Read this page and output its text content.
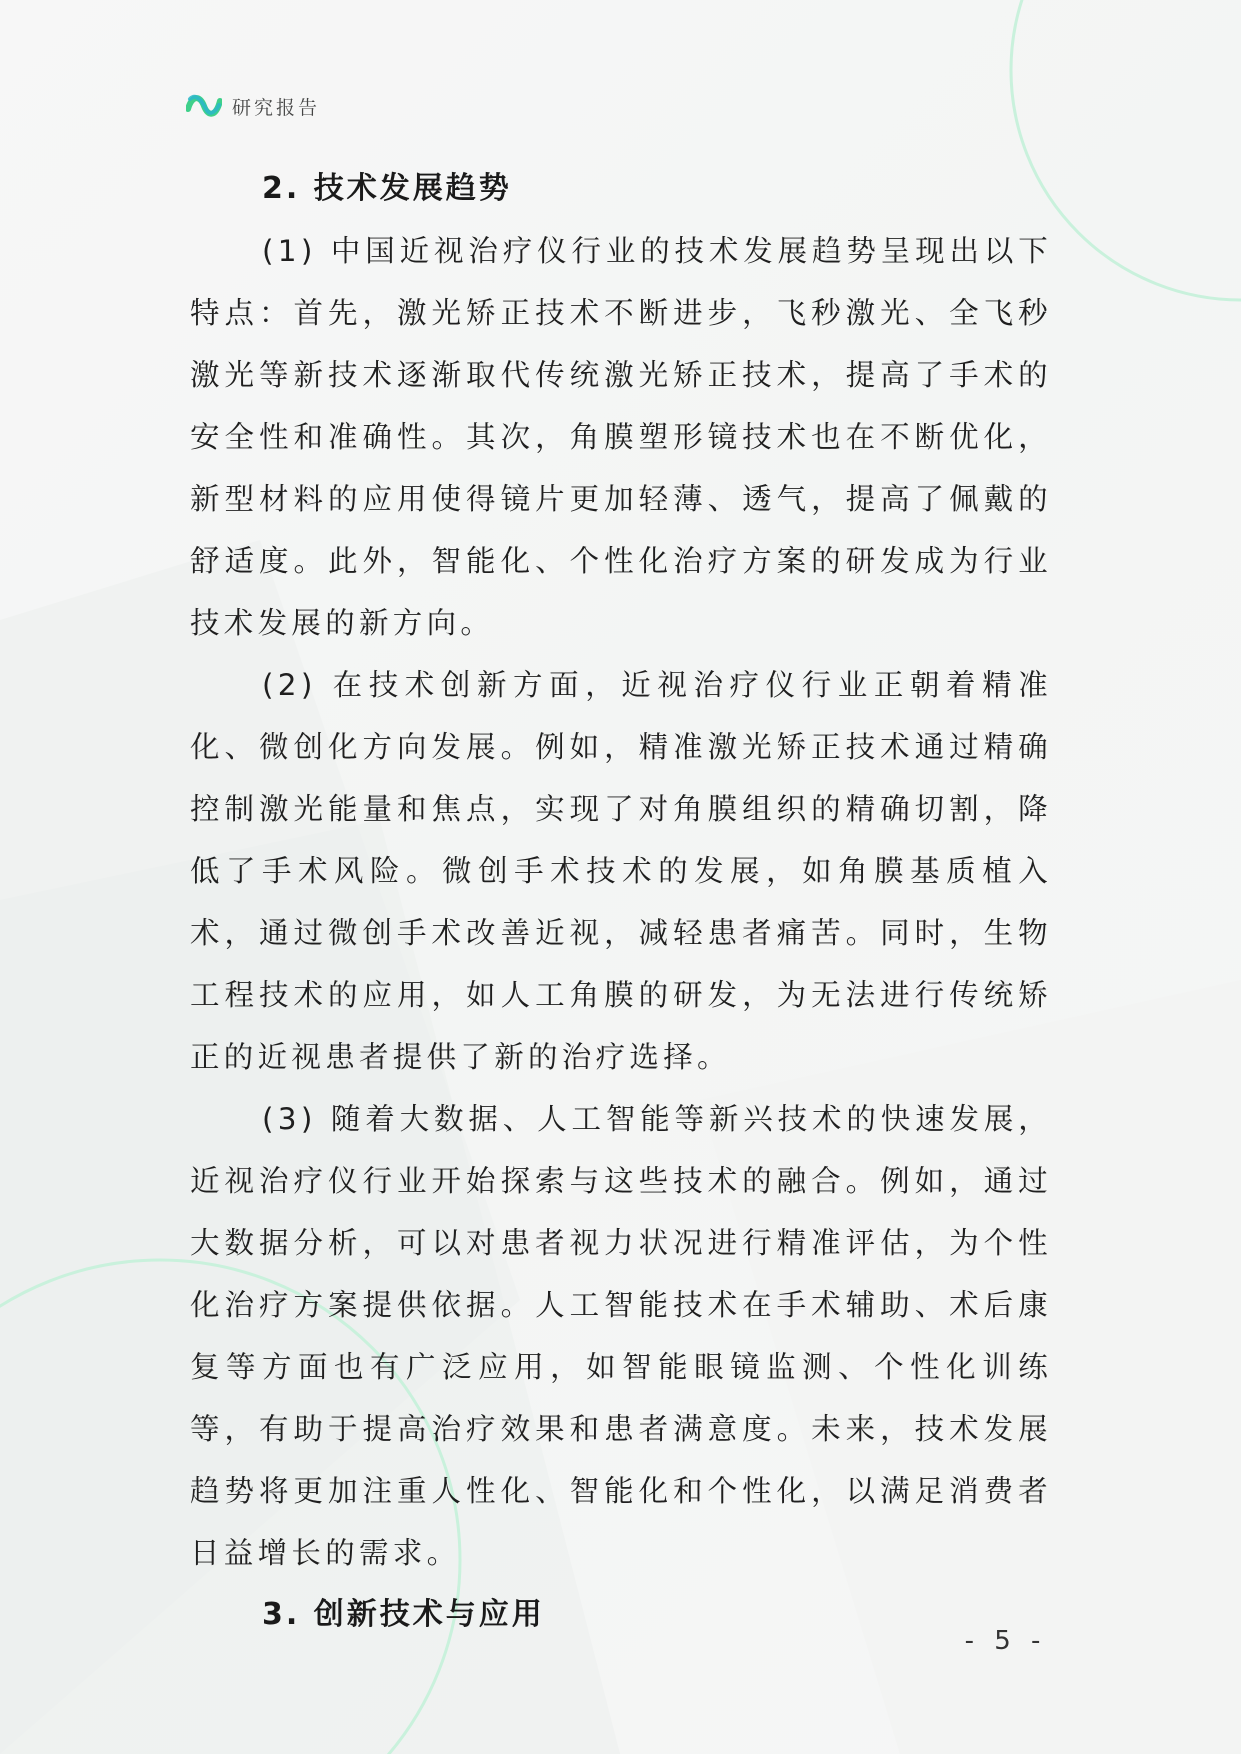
研究报告
2. 技术发展趋势

(1) 中国近视治疗仪行业的技术发展趋势呈现出以下特点：首先，激光矫正技术不断进步，飞秒激光、全飞秒激光等新技术逐渐取代传统激光矫正技术，提高了手术的安全性和准确性。其次，角膜塑形镜技术也在不断优化，新型材料的应用使得镜片更加轻薄、透气，提高了佩戴的舒适度。此外，智能化、个性化治疗方案的研发成为行业技术发展的新方向。

(2) 在技术创新方面，近视治疗仪行业正朝着精准化、微创化方向发展。例如，精准激光矫正技术通过精确控制激光能量和焦点，实现了对角膜组织的精确切割，降低了手术风险。微创手术技术的发展，如角膜基质植入术，通过微创手术改善近视，减轻患者痛苦。同时，生物工程技术的应用，如人工角膜的研发，为无法进行传统矫正的近视患者提供了新的治疗选择。

(3) 随着大数据、人工智能等新兴技术的快速发展，近视治疗仪行业开始探索与这些技术的融合。例如，通过大数据分析，可以对患者视力状况进行精准评估，为个性化治疗方案提供依据。人工智能技术在手术辅助、术后康复等方面也有广泛应用，如智能眼镜监测、个性化训练等，有助于提高治疗效果和患者满意度。未来，技术发展趋势将更加注重人性化、智能化和个性化，以满足消费者日益增长的需求。

3. 创新技术与应用
- 5 -
